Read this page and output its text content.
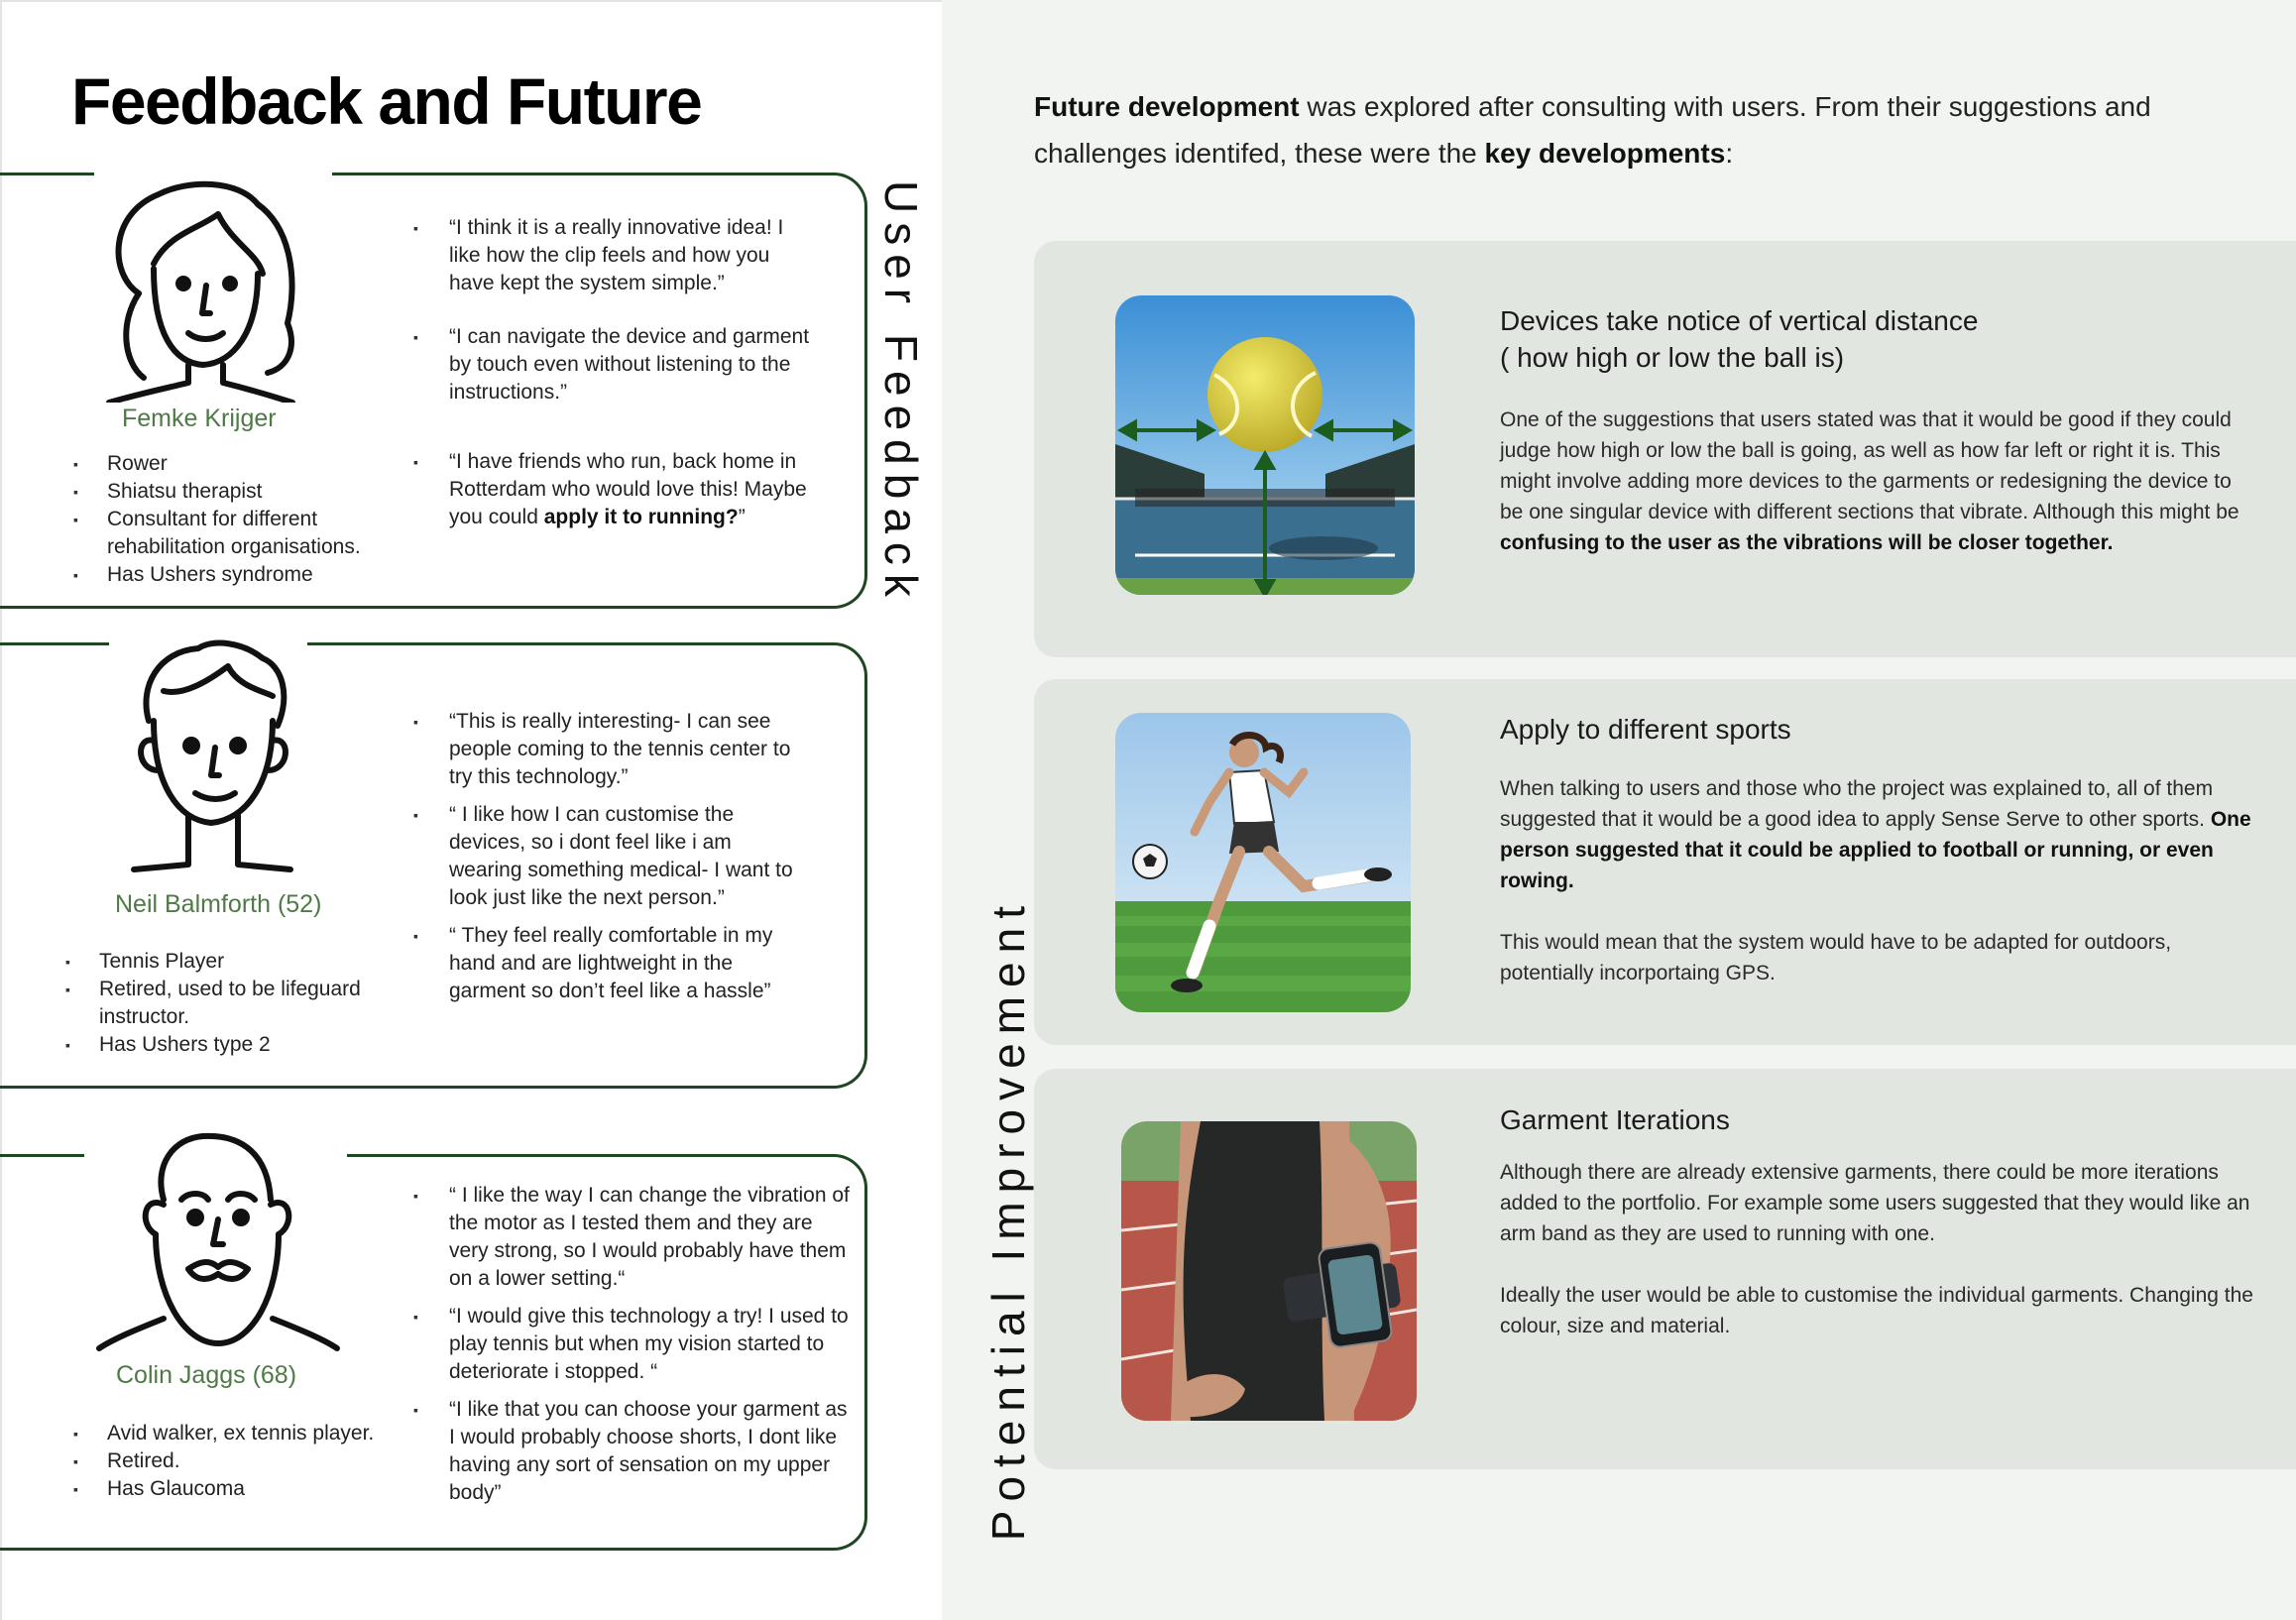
Feedback and Future
User Feedback
Potential Improvement
Femke Krijger
▪ Rower
▪ Shiatsu therapist
▪ Consultant for different rehabilitation organisations.
▪ Has Ushers syndrome
▪ “I think it is a really innovative idea! I like how the clip feels and how you have kept the system simple.”
▪ “I can navigate the device and garment by touch even without listening to the instructions.”
▪ “I have friends who run, back home in Rotterdam who would love this! Maybe you could apply it to running?”
Neil Balmforth (52)
▪ Tennis Player
▪ Retired, used to be lifeguard instructor.
▪ Has Ushers type 2
▪ “This is really interesting- I can see people coming to the tennis center to try this technology.”
▪ “ I like how I can customise the devices, so i dont feel like i am wearing something medical- I want to look just like the next person.”
▪ “ They feel really comfortable in my hand and are lightweight in the garment so don’t feel like a hassle”
Colin Jaggs (68)
▪ Avid walker, ex tennis player.
▪ Retired.
▪ Has Glaucoma
▪ “ I like the way I can change the vibration of the motor as I tested them and they are very strong, so I would probably have them on a lower setting.“
▪ “I would give this technology a try! I used to play tennis but when my vision started to deteriorate i stopped. “
▪ “I like that you can choose your garment as I would probably choose shorts, I dont like having any sort of sensation on my upper body”
Future development was explored after consulting with users. From their suggestions and challenges identifed, these were the key developments:
Devices take notice of vertical distance
( how high or low the ball is)

One of the suggestions that users stated was that it would be good if they could judge how high or low the ball is going, as well as how far left or right it is. This might involve adding more devices to the garments or redesigning the device to be one singular device with different sections that vibrate. Although this might be confusing to the user as the vibrations will be closer together.

Apply to different sports

When talking to users and those who the project was explained to, all of them suggested that it would be a good idea to apply Sense Serve to other sports. One person suggested that it could be applied to football or running, or even rowing.

This would mean that the system would have to be adapted for outdoors, potentially incorportaing GPS.

Garment Iterations

Although there are already extensive garments, there could be more iterations added to the portfolio. For example some users suggested that they would like an arm band as they are used to running with one.

Ideally the user would be able to customise the individual garments. Changing the colour, size and material.
